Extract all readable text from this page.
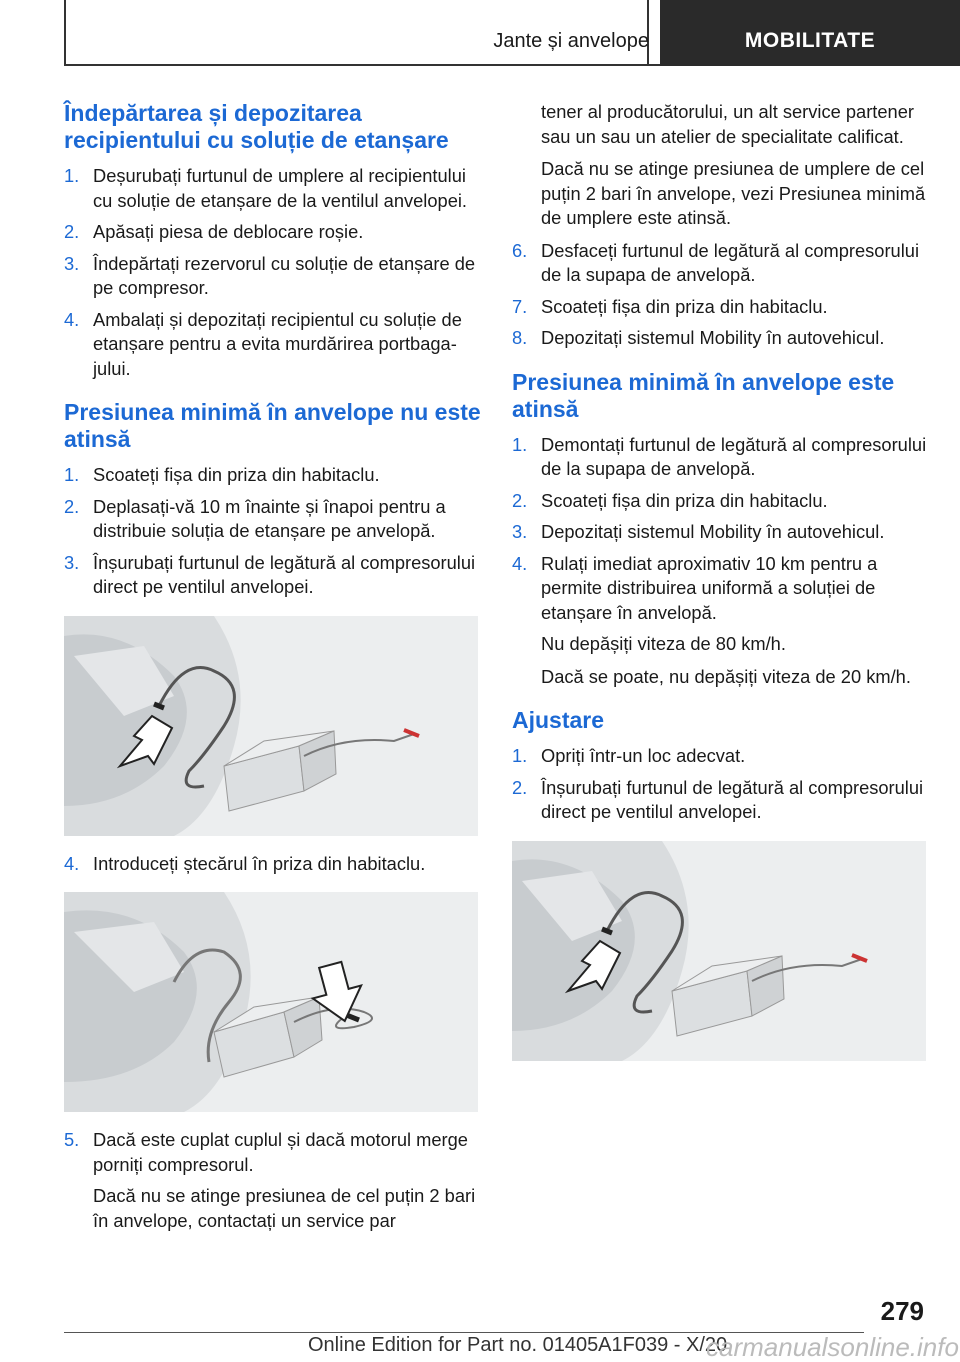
Jante și anvelope	MOBILITATE
Îndepărtarea și depozitarea recipientului cu soluție de etanșare
1. Deșurubați furtunul de umplere al recipientului cu soluție de etanșare de la ventilul anvelopei.
2. Apăsați piesa de deblocare roșie.
3. Îndepărtați rezervorul cu soluție de etanșare de pe compresor.
4. Ambalați și depozitați recipientul cu soluție de etanșare pentru a evita murdărirea portbagajului.
Presiunea minimă în anvelope nu este atinsă
1. Scoateți fișa din priza din habitaclu.
2. Deplasați-vă 10 m înainte și înapoi pentru a distribuie soluția de etanșare pe anvelopă.
3. Înșurubați furtunul de legătură al compresorului direct pe ventilul anvelopei.
4. Introduceți ștecărul în priza din habitaclu.
5. Dacă este cuplat cuplul și dacă motorul merge porniți compresorul.

Dacă nu se atinge presiunea de cel puțin 2 bari în anvelope, contactați un service par

tener al producătorului, un alt service partener sau un sau un atelier de specialitate calificat.

Dacă nu se atinge presiunea de umplere de cel puțin 2 bari în anvelope, vezi Presiunea minimă de umplere este atinsă.

6. Desfaceți furtunul de legătură al compresorului de la supapa de anvelopă.
7. Scoateți fișa din priza din habitaclu.
8. Depozitați sistemul Mobility în autovehicul.
Presiunea minimă în anvelope este atinsă
1. Demontați furtunul de legătură al compresorului de la supapa de anvelopă.
2. Scoateți fișa din priza din habitaclu.
3. Depozitați sistemul Mobility în autovehicul.
4. Rulați imediat aproximativ 10 km pentru a permite distribuirea uniformă a soluției de etanșare în anvelopă.

Nu depășiți viteza de 80 km/h.

Dacă se poate, nu depășiți viteza de 20 km/h.

Ajustare
1. Opriți într-un loc adecvat.
2. Înșurubați furtunul de legătură al compresorului direct pe ventilul anvelopei.
279
Online Edition for Part no. 01405A1F039 - X/20
carmanualsonline.info
